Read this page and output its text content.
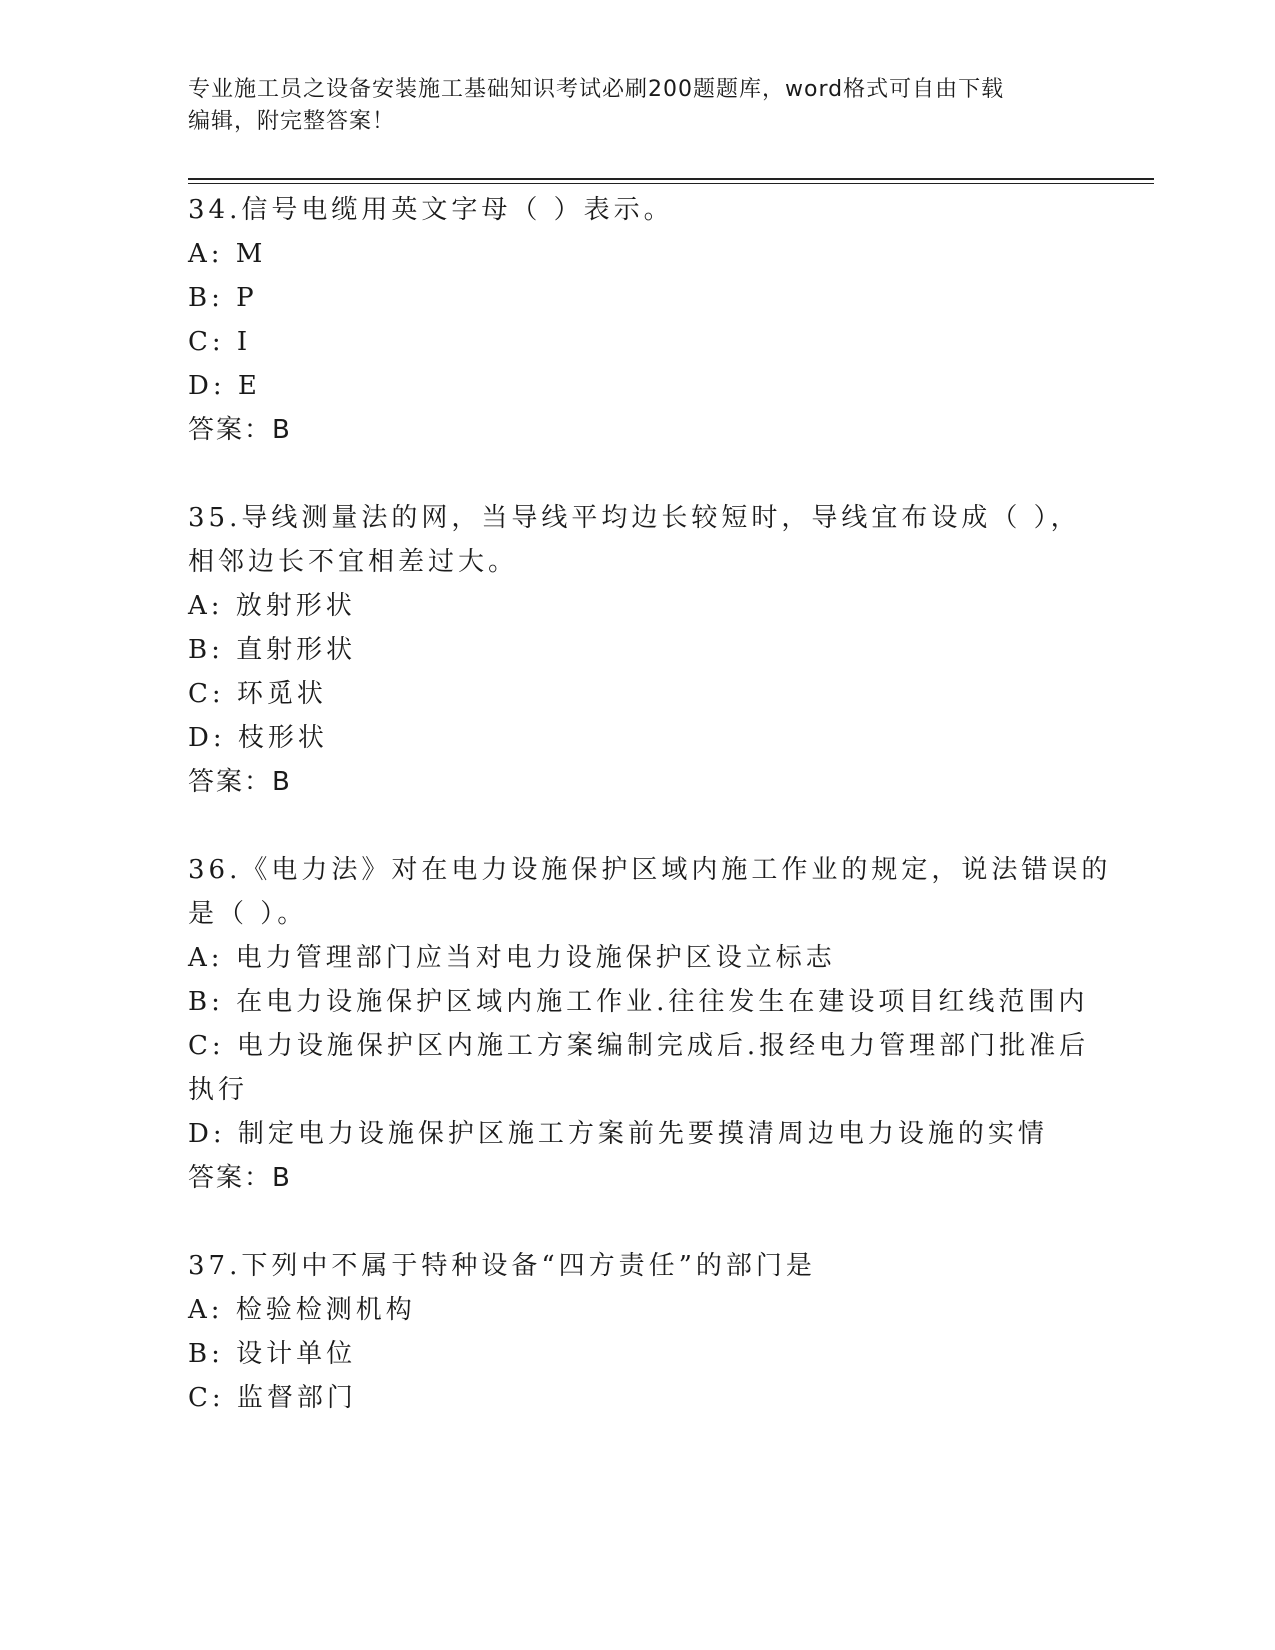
专业施工员之设备安装施工基础知识考试必刷200题题库，word格式可自由下载
编辑，附完整答案！
34.信号电缆用英文字母（ ）表示。
A: M
B: P
C: I
D: E
答案：B
35.导线测量法的网，当导线平均边长较短时，导线宜布设成（ ），
相邻边长不宜相差过大。
A: 放射形状
B: 直射形状
C: 环觅状
D: 枝形状
答案：B
36.《电力法》对在电力设施保护区域内施工作业的规定，说法错误的
是（ ）。
A: 电力管理部门应当对电力设施保护区设立标志
B: 在电力设施保护区域内施工作业.往往发生在建设项目红线范围内
C: 电力设施保护区内施工方案编制完成后.报经电力管理部门批准后
执行
D: 制定电力设施保护区施工方案前先要摸清周边电力设施的实情
答案：B
37.下列中不属于特种设备“四方责任”的部门是
A: 检验检测机构
B: 设计单位
C: 监督部门
